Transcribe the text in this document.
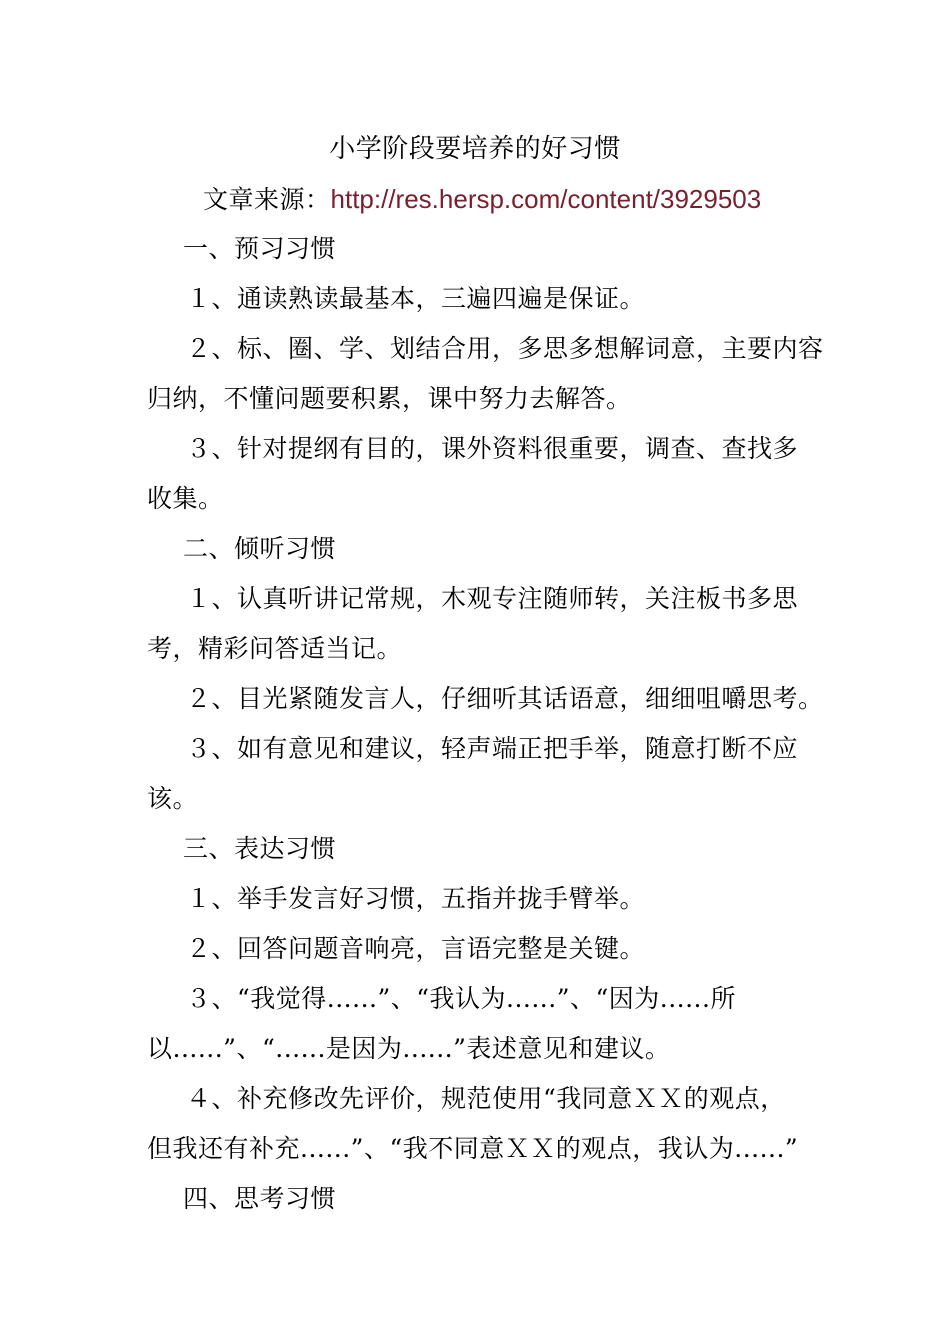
小学阶段要培养的好习惯
文章来源：http://res.hersp.com/content/3929503
一、预习习惯
１、通读熟读最基本，三遍四遍是保证。
２、标、圈、学、划结合用，多思多想解词意，主要内容
归纳，不懂问题要积累，课中努力去解答。
３、针对提纲有目的，课外资料很重要，调查、查找多
收集。
二、倾听习惯
１、认真听讲记常规，木观专注随师转，关注板书多思
考，精彩问答适当记。
２、目光紧随发言人，仔细听其话语意，细细咀嚼思考。
３、如有意见和建议，轻声端正把手举，随意打断不应
该。
三、表达习惯
１、举手发言好习惯，五指并拢手臂举。
２、回答问题音响亮，言语完整是关键。
３、“我觉得......”、“我认为......”、“因为......所
以......”、“......是因为......”表述意见和建议。
４、补充修改先评价，规范使用“我同意ＸＸ的观点，
但我还有补充......”、“我不同意ＸＸ的观点，我认为......”
四、思考习惯
